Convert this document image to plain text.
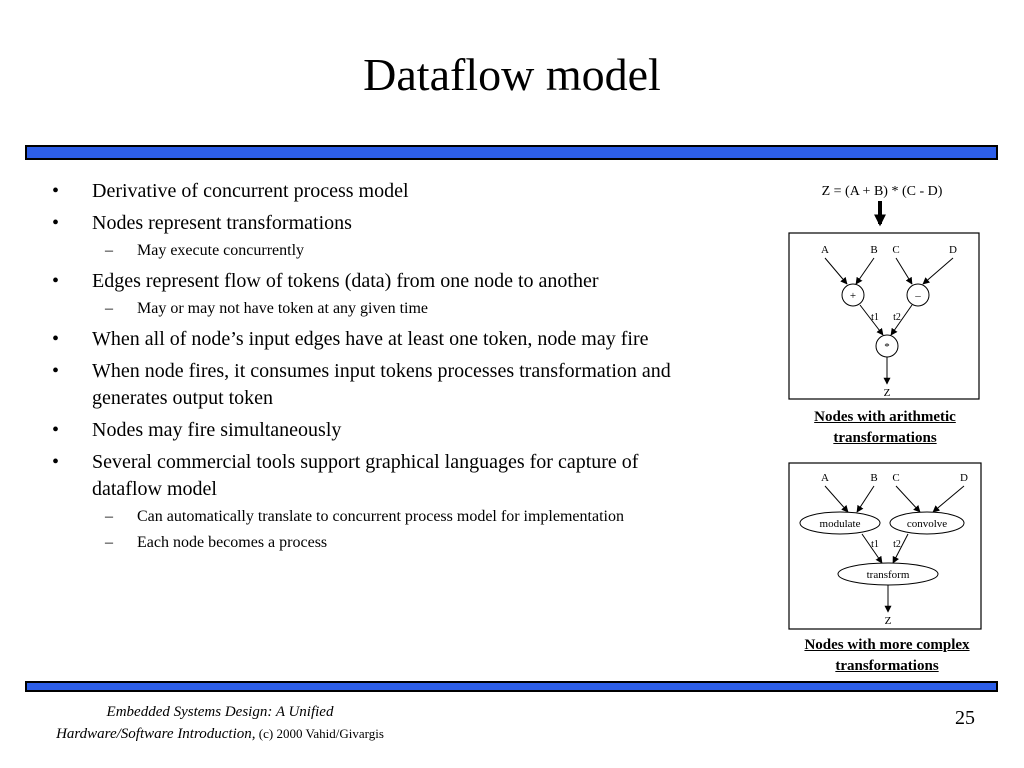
Dataflow model
• Derivative of concurrent process model
• Nodes represent transformations
– May execute concurrently
• Edges represent flow of tokens (data) from one node to another
– May or may not have token at any given time
• When all of node’s input edges have at least one token, node may fire
• When node fires, it consumes input tokens processes transformation and generates output token
• Nodes may fire simultaneously
• Several commercial tools support graphical languages for capture of dataflow model
– Can automatically translate to concurrent process model for implementation
– Each node becomes a process
Z = (A + B) * (C - D)
A	B C	D
+	–
t1 t2
*
Z
A	B C	D
modulate	convolve
t1 t2
transform
Z
Nodes with arithmetic
transformations
Nodes with more complex
transformations
Embedded Systems Design: A Unified
Hardware/Software Introduction, (c) 2000 Vahid/Givargis
25
